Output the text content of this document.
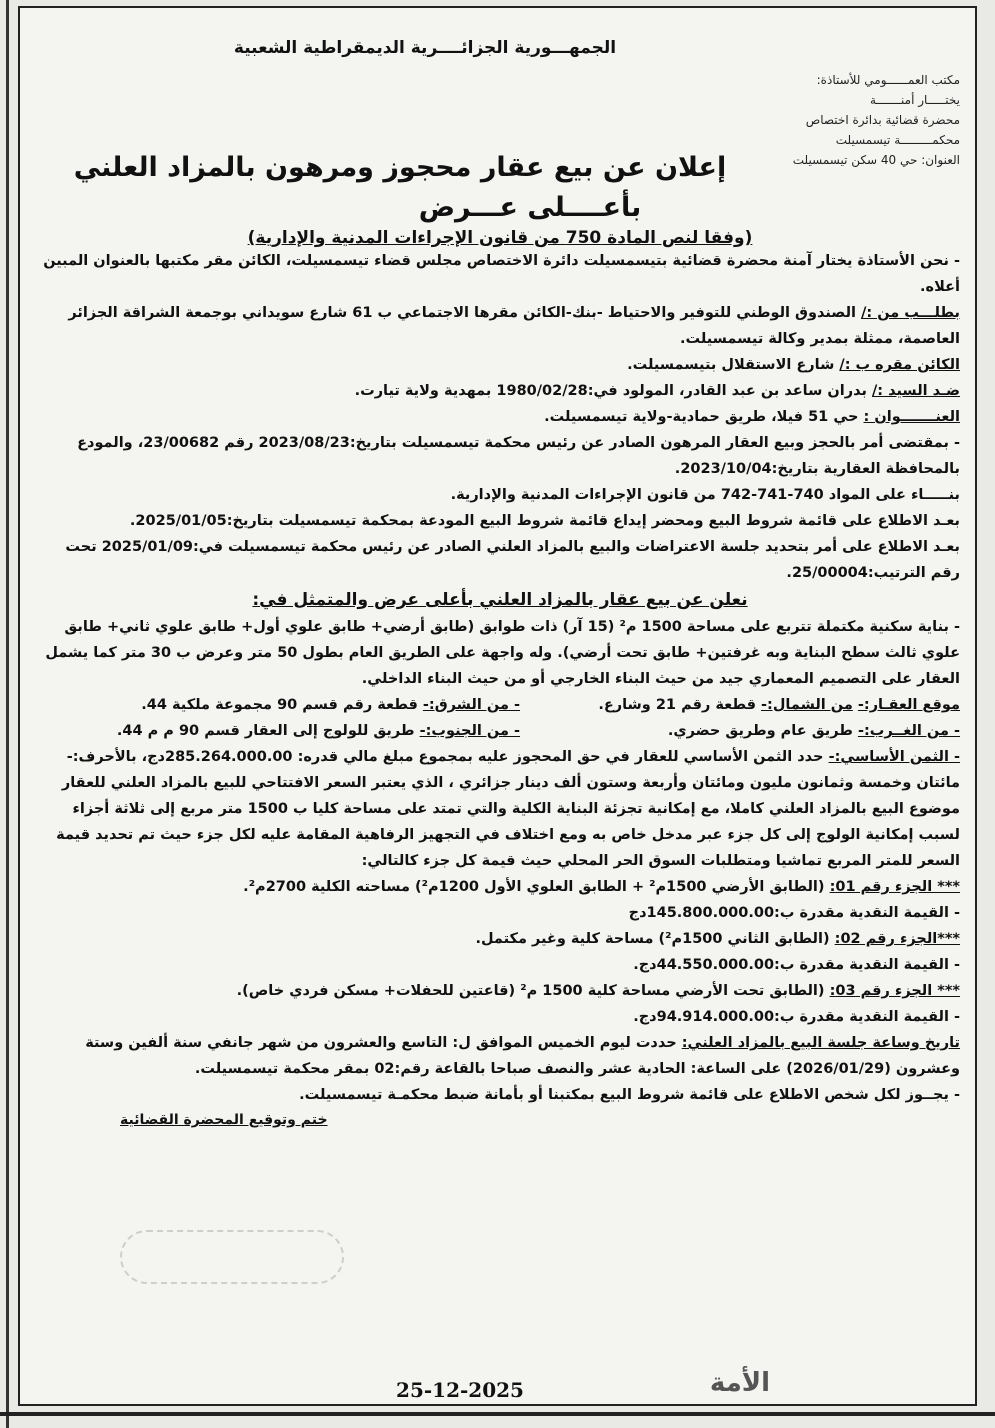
الجمهـــورية الجزائــــرية الديمقراطية الشعبية
مكتب العمــــــومي للأستاذة:
يختـــــار أمنـــــــة
محضرة قضائية بدائرة اختصاص
محكمـــــــــة تيسمسيلت
العنوان: حي 40 سكن تيسمسيلت
إعلان عن بيع عقار محجوز ومرهون بالمزاد العلني
بأعــــلى عـــرض
(وفقا لنص المادة 750 من قانون الإجراءات المدنية والإدارية)

- نحن الأستاذة يختار آمنة محضرة قضائية بتيسمسيلت دائرة الاختصاص مجلس قضاء تيسمسيلت، الكائن مقر مكتبها بالعنوان المبين أعلاه.

بطلـــب من :/ الصندوق الوطني للتوفير والاحتياط -بنك-الكائن مقرها الاجتماعي ب 61 شارع سويداني بوجمعة الشراقة الجزائر العاصمة، ممثلة بمدير وكالة تيسمسيلت.

الكائن مقره ب :/ شارع الاستقلال بتيسمسيلت.

ضـد السيد :/ بدران ساعد بن عبد القادر، المولود في:1980/02/28 بمهدية ولاية تيارت.

العنـــــــوان : حي 51 فيلا، طريق حمادية-ولاية تيسمسيلت.

- بمقتضى أمر بالحجز وبيع العقار المرهون الصادر عن رئيس محكمة تيسمسيلت بتاريخ:2023/08/23 رقم 23/00682، والمودع بالمحافظة العقارية بتاريخ:2023/10/04.

بنـــــاء على المواد 740-741-742 من قانون الإجراءات المدنية والإدارية.

بعـد الاطلاع على قائمة شروط البيع ومحضر إيداع قائمة شروط البيع المودعة بمحكمة تيسمسيلت بتاريخ:2025/01/05.

بعـد الاطلاع على أمر بتحديد جلسة الاعتراضات والبيع بالمزاد العلني الصادر عن رئيس محكمة تيسمسيلت في:2025/01/09 تحت رقم الترتيب:25/00004.

نعلن عن بيع عقار بالمزاد العلني بأعلى عرض والمتمثل في:

- بناية سكنية مكتملة تتربع على مساحة 1500 م² (15 آر) ذات طوابق (طابق أرضي+ طابق علوي أول+ طابق علوي ثاني+ طابق علوي ثالث سطح البناية وبه غرفتين+ طابق تحت أرضي). وله واجهة على الطريق العام بطول 50 متر وعرض ب 30 متر كما يشمل العقار على التصميم المعماري جيد من حيث البناء الخارجي أو من حيث البناء الداخلي.

موقع العقـار:- من الشمال:- قطعة رقم 21 وشارع.
- من الشرق:- قطعة رقم قسم 90 مجموعة ملكية 44.
- من الغــرب:- طريق عام وطريق حضري.
- من الجنوب:- طريق للولوج إلى العقار قسم 90 م م 44.

- الثمن الأساسي:- حدد الثمن الأساسي للعقار في حق المحجوز عليه بمجموع مبلغ مالي قدره: 285.264.000.00دج، بالأحرف:- مائتان وخمسة وثمانون مليون ومائتان وأربعة وستون ألف دينار جزائري ، الذي يعتبر السعر الافتتاحي للبيع بالمزاد العلني للعقار موضوع البيع بالمزاد العلني كاملا، مع إمكانية تجزئة البناية الكلية والتي تمتد على مساحة كليا ب 1500 متر مربع إلى ثلاثة أجزاء لسبب إمكانية الولوج إلى كل جزء عبر مدخل خاص به ومع اختلاف في التجهيز الرفاهية المقامة عليه لكل جزء حيث تم تحديد قيمة السعر للمتر المربع تماشيا ومتطلبات السوق الحر المحلي حيث قيمة كل جزء كالتالي:

*** الجزء رقم 01: (الطابق الأرضي 1500م² + الطابق العلوي الأول 1200م²) مساحته الكلية 2700م².

- القيمة النقدية مقدرة ب:145.800.000.00دج

***الجزء رقم 02: (الطابق الثاني 1500م²) مساحة كلية وغير مكتمل.

- القيمة النقدية مقدرة ب:44.550.000.00دج.

*** الجزء رقم 03: (الطابق تحت الأرضي مساحة كلية 1500 م² (قاعتين للحفلات+ مسكن فردي خاص).

- القيمة النقدية مقدرة ب:94.914.000.00دج.

تاريخ وساعة جلسة البيع بالمزاد العلني: حددت ليوم الخميس الموافق ل: التاسع والعشرون من شهر جانفي سنة ألفين وستة وعشرون (2026/01/29) على الساعة: الحادية عشر والنصف صباحا بالقاعة رقم:02 بمقر محكمة تيسمسيلت.

- يجــوز لكل شخص الاطلاع على قائمة شروط البيع بمكتبنا أو بأمانة ضبط محكمـة تيسمسيلت.

ختم وتوقيع المحضرة القضائية
25-12-2025	الأمة
